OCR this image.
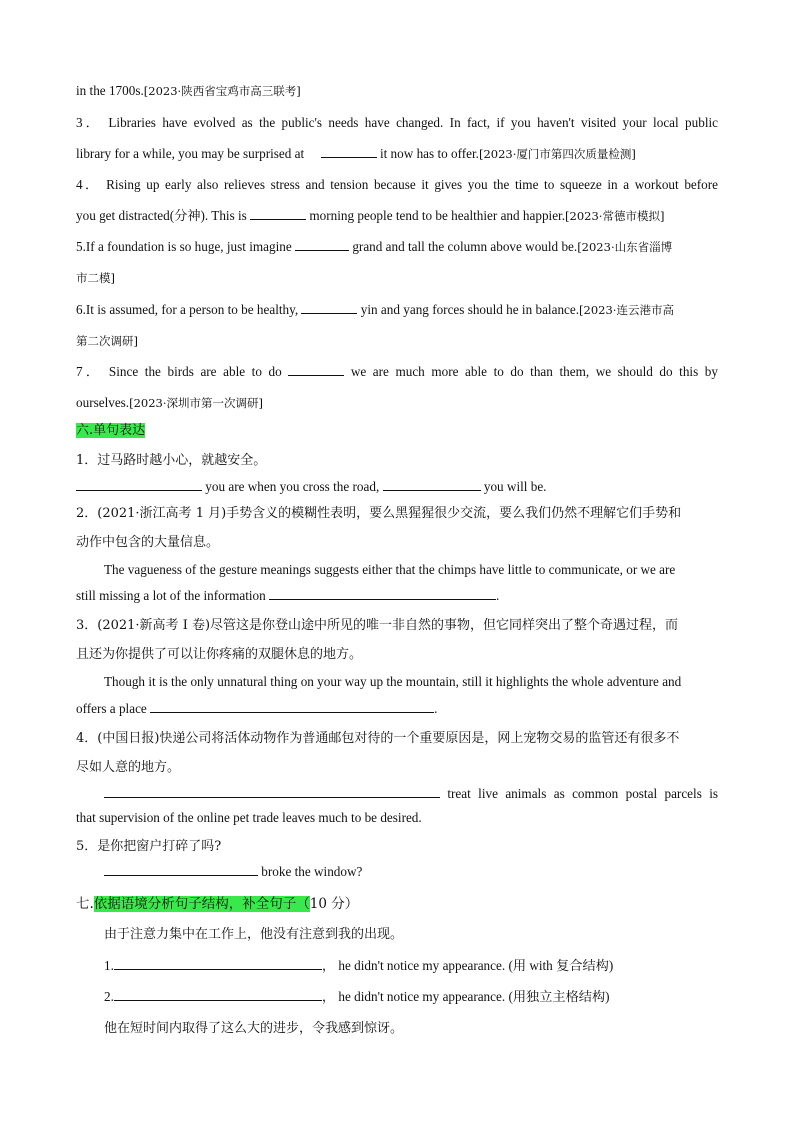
in the 1700s.[2023·陕西省宝鸡市高三联考]
3． Libraries have evolved as the public's needs have changed. In fact, if you haven't visited your local public
library for a while, you may be surprised at	it now has to offer.[2023·厦门市第四次质量检测]
4． Rising up early also relieves stress and tension because it gives you the time to squeeze in a workout before
you get distracted(分神). This is	morning people tend to be healthier and happier.[2023·常德市模拟]
5.If a foundation is so huge, just imagine	grand and tall the column above would be.[2023·山东省淄博
市二模]
6.It is assumed, for a person to be healthy,	yin and yang forces should he in balance.[2023·连云港市高
第二次调研]
7． Since the birds are able to do	we are much more able to do than them, we should do this by
ourselves.[2023·深圳市第一次调研]
六.单句表达
1．过马路时越小心，就越安全。
you are when you cross the road,	you will be.
2．(2021·浙江高考 1 月)手势含义的模糊性表明，要么黑猩猩很少交流，要么我们仍然不理解它们手势和
动作中包含的大量信息。
The vagueness of the gesture meanings suggests either that the chimps have little to communicate, or we are
still missing a lot of the information	.
3．(2021·新高考 I 卷)尽管这是你登山途中所见的唯一非自然的事物，但它同样突出了整个奇遇过程，而
且还为你提供了可以让你疼痛的双腿休息的地方。
Though it is the only unnatural thing on your way up the mountain, still it highlights the whole adventure and
offers a place	.
4．(中国日报)快递公司将活体动物作为普通邮包对待的一个重要原因是，网上宠物交易的监管还有很多不
尽如人意的地方。
treat live animals as common postal parcels is
that supervision of the online pet trade leaves much to be desired.
5．是你把窗户打碎了吗?
broke the window?
七.依据语境分析句子结构，补全句子（10 分）
由于注意力集中在工作上，他没有注意到我的出现。
1.	， he didn't notice my appearance. (用 with 复合结构)
2.	， he didn't notice my appearance. (用独立主格结构)
他在短时间内取得了这么大的进步，令我感到惊讶。
